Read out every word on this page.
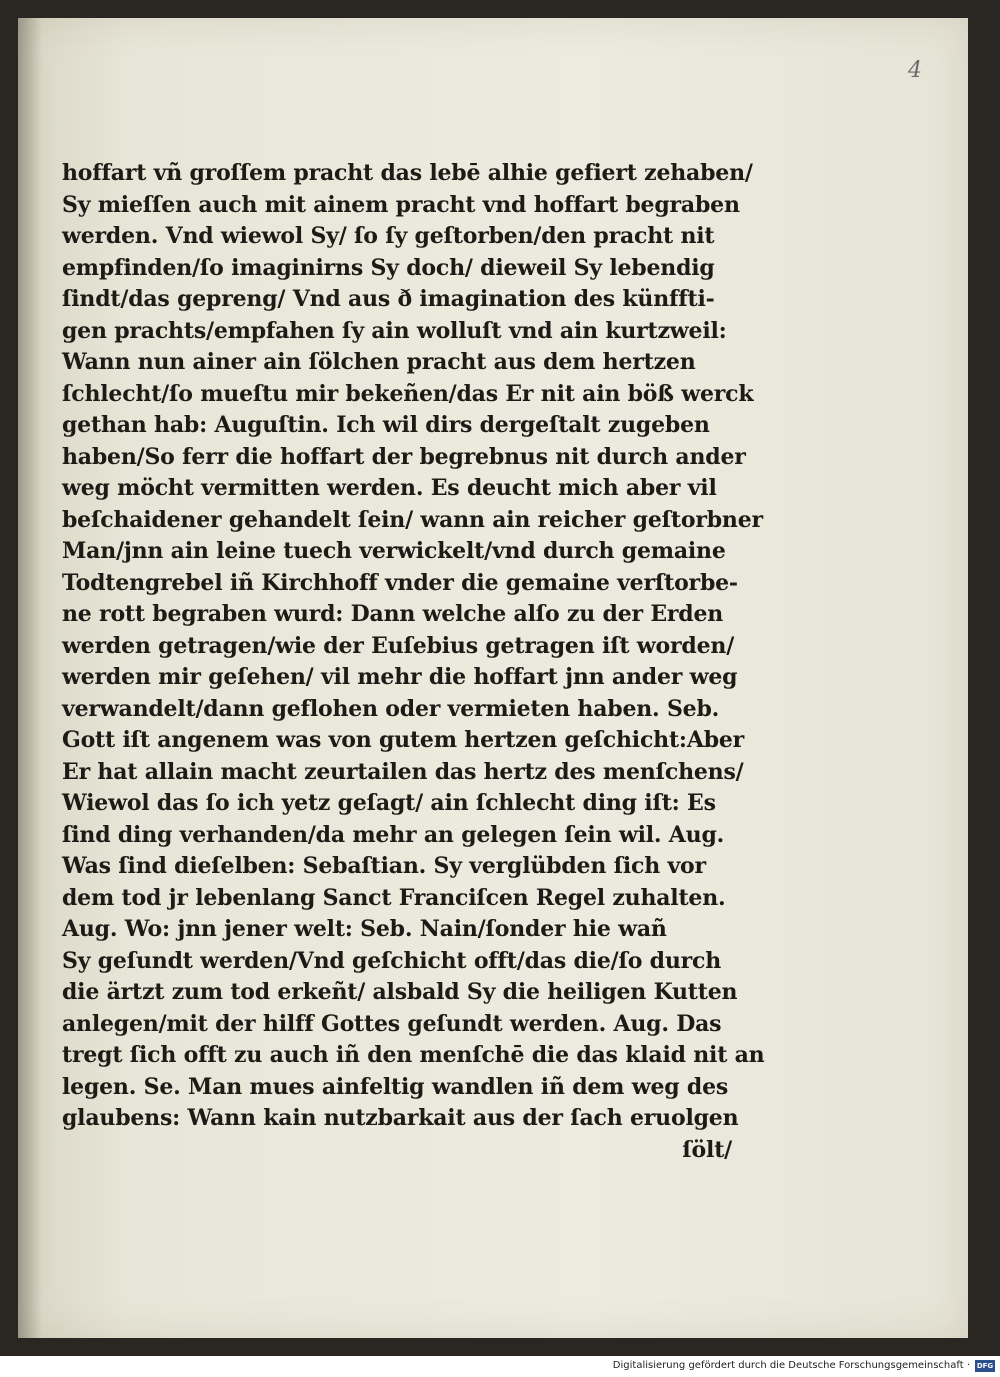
4
hoffart vñ groſſem pracht das lebē alhie gefiert zehaben/
Sy mieſſen auch mit ainem pracht vnd hoffart begraben
werden. Vnd wiewol Sy/ ſo ſy geſtorben/den pracht nit
empfinden/ſo imaginirns Sy doch/ dieweil Sy lebendig
ſindt/das gepreng/ Vnd aus ð imagination des künffti-
gen prachts/empfahen ſy ain wolluſt vnd ain kurtzweil:
Wann nun ainer ain ſölchen pracht aus dem hertzen
ſchlecht/ſo mueſtu mir bekeñen/das Er nit ain böß werck
gethan hab: Auguſtin. Ich wil dirs dergeſtalt zugeben
haben/So ferr die hoffart der begrebnus nit durch ander
weg möcht vermitten werden. Es deucht mich aber vil
beſchaidener gehandelt ſein/ wann ain reicher geſtorbner
Man/jnn ain leine tuech verwickelt/vnd durch gemaine
Todtengrebel iñ Kirchhoff vnder die gemaine verſtorbe-
ne rott begraben wurd: Dann welche alſo zu der Erden
werden getragen/wie der Euſebius getragen iſt worden/
werden mir geſehen/ vil mehr die hoffart jnn ander weg
verwandelt/dann geflohen oder vermieten haben. Seb.
Gott iſt angenem was von gutem hertzen geſchicht:Aber
Er hat allain macht zeurtailen das hertz des menſchens/
Wiewol das ſo ich yetz geſagt/ ain ſchlecht ding iſt: Es
ſind ding verhanden/da mehr an gelegen ſein wil. Aug.
Was ſind dieſelben: Sebaſtian. Sy verglübden ſich vor
dem tod jr lebenlang Sanct Franciſcen Regel zuhalten.
Aug. Wo: jnn jener welt: Seb. Nain/ſonder hie wañ
Sy geſundt werden/Vnd geſchicht offt/das die/ſo durch
die ärtzt zum tod erkeñt/ alsbald Sy die heiligen Kutten
anlegen/mit der hilff Gottes geſundt werden. Aug. Das
tregt ſich offt zu auch iñ den menſchē die das klaid nit an
legen. Se. Man mues ainfeltig wandlen iñ dem weg des
glaubens: Wann kain nutzbarkait aus der ſach eruolgen
ſölt/
Digitalisierung gefördert durch die Deutsche Forschungsgemeinschaft · DFG
